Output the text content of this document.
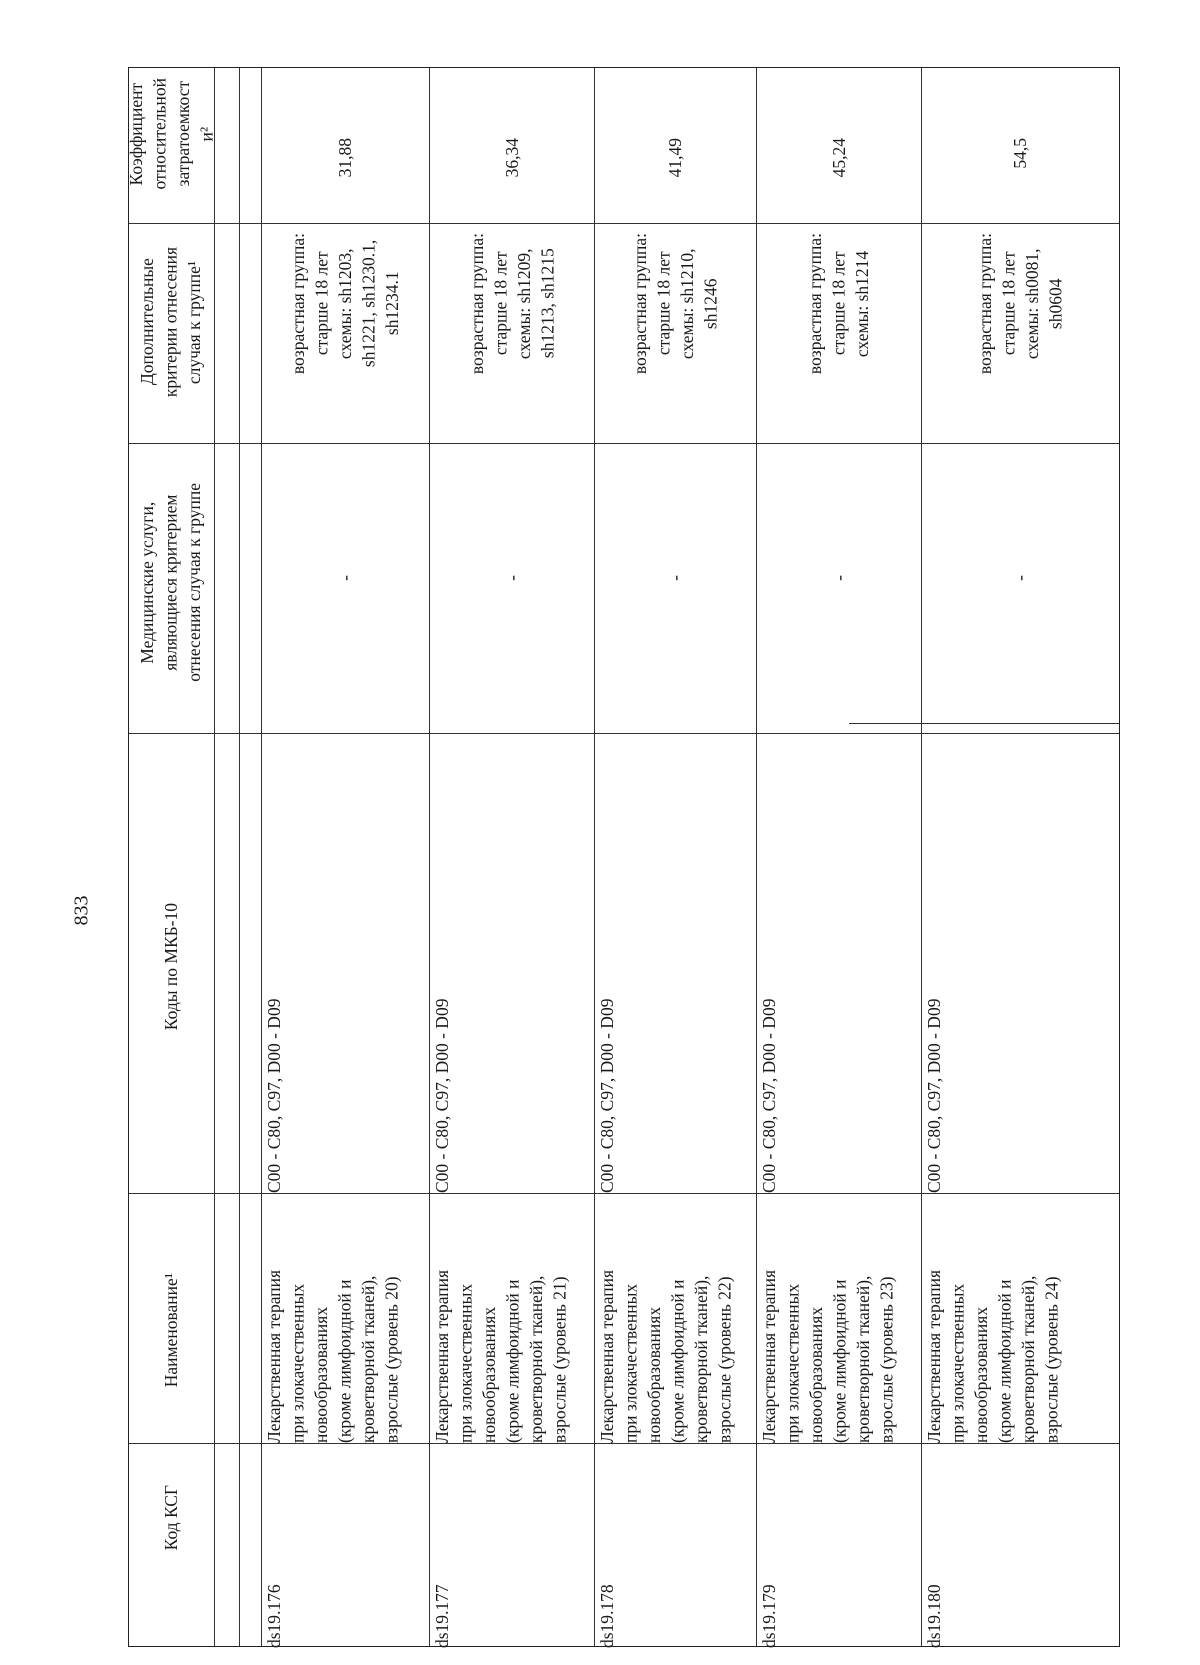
833
Коэффициент
относительной
затратоемкост
и²
Дополнительные
критерии отнесения
случая к группе¹
Медицинские услуги,
являющиеся критерием
отнесения случая к группе
Коды по МКБ-10
Наименование¹
Код КСГ
31,88
возрастная группа:
старше 18 лет
схемы: sh1203,
sh1221, sh1230.1,
sh1234.1
-
C00 - C80, C97, D00 - D09
Лекарственная терапия
при злокачественных
новообразованиях
(кроме лимфоидной и
кроветворной тканей),
взрослые (уровень 20)
ds19.176
36,34
возрастная группа:
старше 18 лет
схемы: sh1209,
sh1213, sh1215
-
C00 - C80, C97, D00 - D09
Лекарственная терапия
при злокачественных
новообразованиях
(кроме лимфоидной и
кроветворной тканей),
взрослые (уровень 21)
ds19.177
41,49
возрастная группа:
старше 18 лет
схемы: sh1210,
sh1246
-
C00 - C80, C97, D00 - D09
Лекарственная терапия
при злокачественных
новообразованиях
(кроме лимфоидной и
кроветворной тканей),
взрослые (уровень 22)
ds19.178
45,24
возрастная группа:
старше 18 лет
схемы: sh1214
-
C00 - C80, C97, D00 - D09
Лекарственная терапия
при злокачественных
новообразованиях
(кроме лимфоидной и
кроветворной тканей),
взрослые (уровень 23)
ds19.179
54,5
возрастная группа:
старше 18 лет
схемы: sh0081,
sh0604
-
C00 - C80, C97, D00 - D09
Лекарственная терапия
при злокачественных
новообразованиях
(кроме лимфоидной и
кроветворной тканей),
взрослые (уровень 24)
ds19.180
